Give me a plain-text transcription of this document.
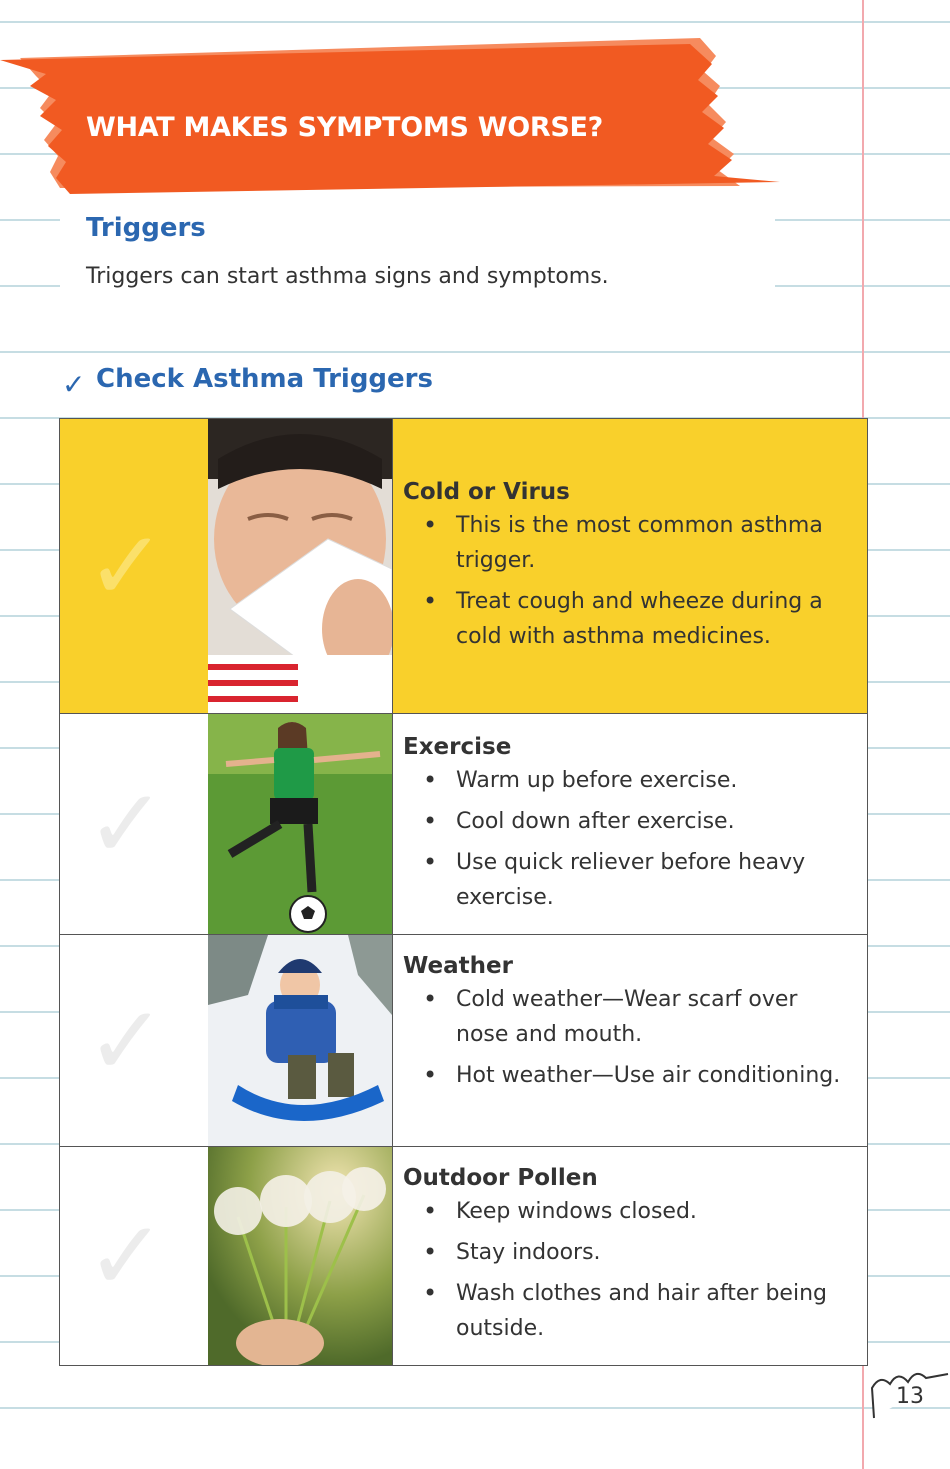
WHAT MAKES SYMPTOMS WORSE?
Triggers

Triggers can start asthma signs and symptoms.

✓ Check Asthma Triggers
✓
Cold or Virus
• This is the most common asthma trigger.
• Treat cough and wheeze during a cold with asthma medicines.
✓
Exercise
• Warm up before exercise.
• Cool down after exercise.
• Use quick reliever before heavy exercise.
✓
Weather
• Cold weather—Wear scarf over nose and mouth.
• Hot weather—Use air conditioning.
✓
Outdoor Pollen
• Keep windows closed.
• Stay indoors.
• Wash clothes and hair after being outside.
13
